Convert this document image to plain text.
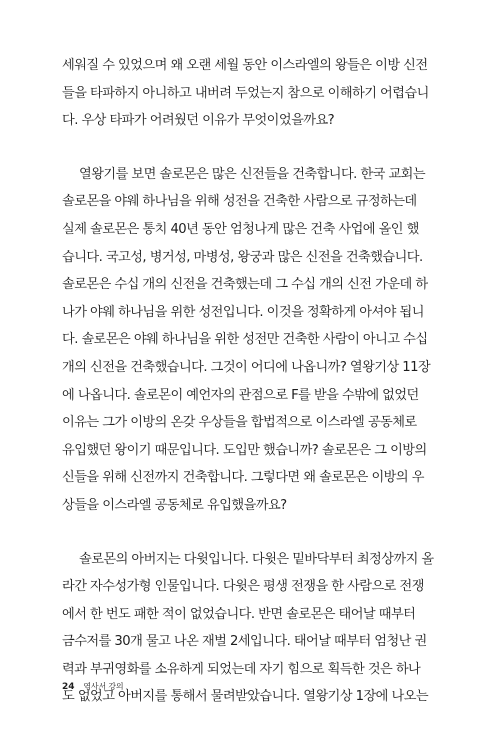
세워질 수 있었으며 왜 오랜 세월 동안 이스라엘의 왕들은 이방 신전
들을 타파하지 아니하고 내버려 두었는지 참으로 이해하기 어렵습니
다. 우상 타파가 어려웠던 이유가 무엇이었을까요?
열왕기를 보면 솔로몬은 많은 신전들을 건축합니다. 한국 교회는
솔로몬을 야웨 하나님을 위해 성전을 건축한 사람으로 규정하는데
실제 솔로몬은 통치 40년 동안 엄청나게 많은 건축 사업에 올인 했
습니다. 국고성, 병거성, 마병성, 왕궁과 많은 신전을 건축했습니다.
솔로몬은 수십 개의 신전을 건축했는데 그 수십 개의 신전 가운데 하
나가 야웨 하나님을 위한 성전입니다. 이것을 정확하게 아셔야 됩니
다. 솔로몬은 야웨 하나님을 위한 성전만 건축한 사람이 아니고 수십
개의 신전을 건축했습니다. 그것이 어디에 나옵니까? 열왕기상 11장
에 나옵니다. 솔로몬이 예언자의 관점으로 F를 받을 수밖에 없었던
이유는 그가 이방의 온갖 우상들을 합법적으로 이스라엘 공동체로
유입했던 왕이기 때문입니다. 도입만 했습니까? 솔로몬은 그 이방의
신들을 위해 신전까지 건축합니다. 그렇다면 왜 솔로몬은 이방의 우
상들을 이스라엘 공동체로 유입했을까요?
솔로몬의 아버지는 다윗입니다. 다윗은 밑바닥부터 최정상까지 올
라간 자수성가형 인물입니다. 다윗은 평생 전쟁을 한 사람으로 전쟁
에서 한 번도 패한 적이 없었습니다. 반면 솔로몬은 태어날 때부터
금수저를 30개 물고 나온 재벌 2세입니다. 태어날 때부터 엄청난 권
력과 부귀영화를 소유하게 되었는데 자기 힘으로 획득한 것은 하나
도 없었고 아버지를 통해서 물려받았습니다. 열왕기상 1장에 나오는
24 역사서 강의
